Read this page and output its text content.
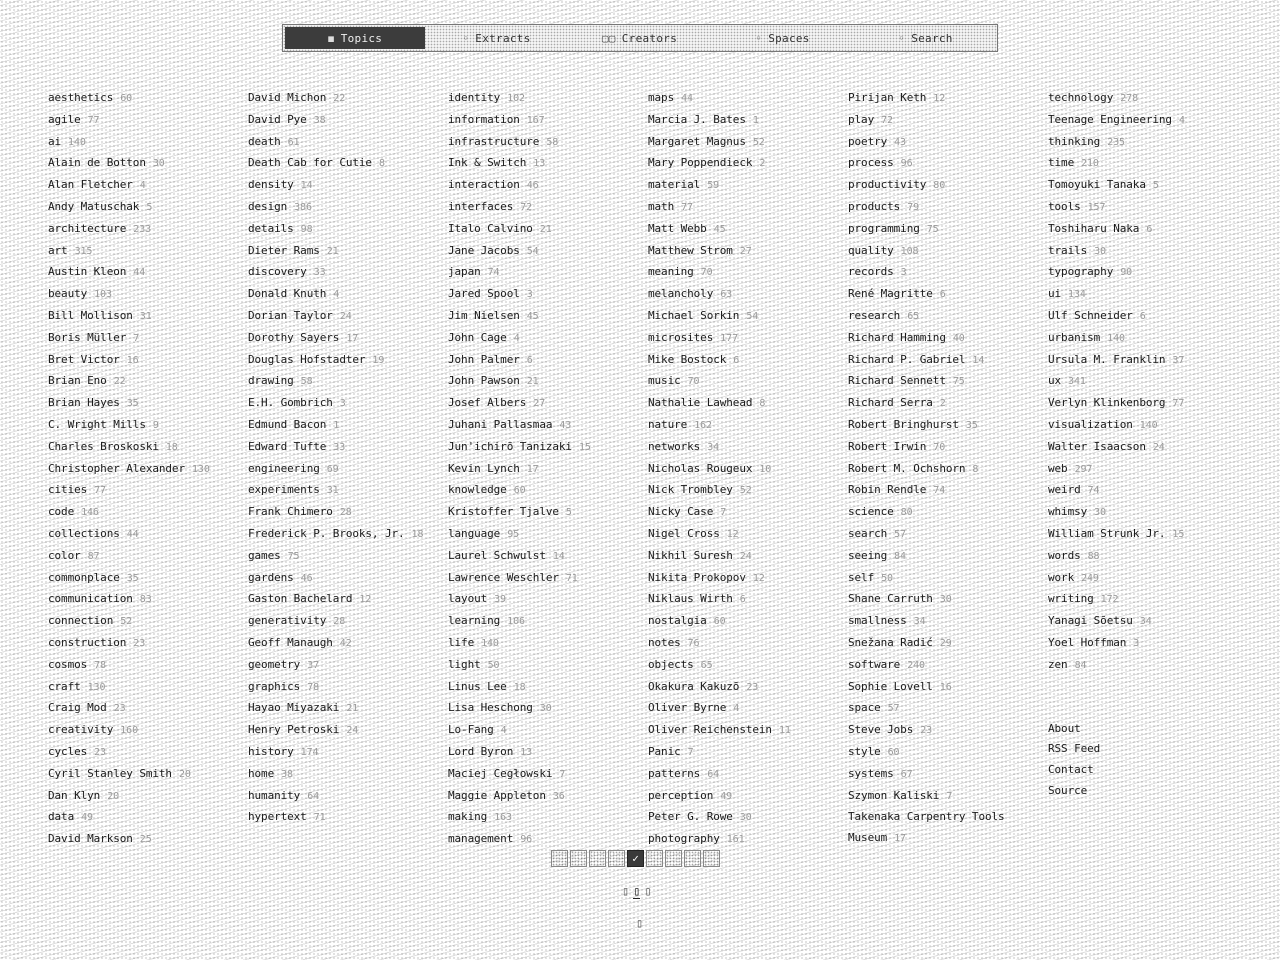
◼ Topics	◦ Extracts	▢▢ Creators	◦ Spaces	◦ Search
aesthetics 60
agile 77
ai 140
Alain de Botton 30
Alan Fletcher 4
Andy Matuschak 5
architecture 233
art 315
Austin Kleon 44
beauty 103
Bill Mollison 31
Boris Müller 7
Bret Victor 16
Brian Eno 22
Brian Hayes 35
C. Wright Mills 9
Charles Broskoski 18
Christopher Alexander 130
cities 77
code 146
collections 44
color 87
commonplace 35
communication 83
connection 52
construction 23
cosmos 78
craft 130
Craig Mod 23
creativity 160
cycles 23
Cyril Stanley Smith 20
Dan Klyn 20
data 49
David Markson 25
David Michon 22
David Pye 38
death 61
Death Cab for Cutie 8
density 14
design 386
details 98
Dieter Rams 21
discovery 33
Donald Knuth 4
Dorian Taylor 24
Dorothy Sayers 17
Douglas Hofstadter 19
drawing 58
E.H. Gombrich 3
Edmund Bacon 1
Edward Tufte 33
engineering 69
experiments 31
Frank Chimero 28
Frederick P. Brooks, Jr. 18
games 75
gardens 46
Gaston Bachelard 12
generativity 28
Geoff Manaugh 42
geometry 37
graphics 78
Hayao Miyazaki 21
Henry Petroski 24
history 174
home 38
humanity 64
hypertext 71
identity 102
information 167
infrastructure 58
Ink & Switch 13
interaction 46
interfaces 72
Italo Calvino 21
Jane Jacobs 54
japan 74
Jared Spool 3
Jim Nielsen 45
John Cage 4
John Palmer 6
John Pawson 21
Josef Albers 27
Juhani Pallasmaa 43
Jun'ichirō Tanizaki 15
Kevin Lynch 17
knowledge 60
Kristoffer Tjalve 5
language 95
Laurel Schwulst 14
Lawrence Weschler 71
layout 39
learning 106
life 140
light 50
Linus Lee 18
Lisa Heschong 30
Lo-Fang 4
Lord Byron 13
Maciej Cegłowski 7
Maggie Appleton 36
making 163
management 96
maps 44
Marcia J. Bates 1
Margaret Magnus 52
Mary Poppendieck 2
material 59
math 77
Matt Webb 45
Matthew Strom 27
meaning 70
melancholy 63
Michael Sorkin 54
microsites 177
Mike Bostock 6
music 70
Nathalie Lawhead 8
nature 162
networks 34
Nicholas Rougeux 10
Nick Trombley 52
Nicky Case 7
Nigel Cross 12
Nikhil Suresh 24
Nikita Prokopov 12
Niklaus Wirth 6
nostalgia 60
notes 76
objects 65
Okakura Kakuzō 23
Oliver Byrne 4
Oliver Reichenstein 11
Panic 7
patterns 64
perception 49
Peter G. Rowe 30
photography 161
Pirijan Keth 12
play 72
poetry 43
process 96
productivity 80
products 79
programming 75
quality 108
records 3
René Magritte 6
research 65
Richard Hamming 40
Richard P. Gabriel 14
Richard Sennett 75
Richard Serra 2
Robert Bringhurst 35
Robert Irwin 70
Robert M. Ochshorn 8
Robin Rendle 74
science 80
search 57
seeing 84
self 50
Shane Carruth 30
smallness 34
Snežana Radić 29
software 240
Sophie Lovell 16
space 57
Steve Jobs 23
style 60
systems 67
Szymon Kaliski 7
Takenaka Carpentry Tools Museum 17
technology 278
Teenage Engineering 4
thinking 235
time 210
Tomoyuki Tanaka 5
tools 157
Toshiharu Naka 6
trails 30
typography 90
ui 134
Ulf Schneider 6
urbanism 140
Ursula M. Franklin 37
ux 341
Verlyn Klinkenborg 77
visualization 140
Walter Isaacson 24
web 297
weird 74
whimsy 30
William Strunk Jr. 15
words 88
work 249
writing 172
Yanagi Sōetsu 34
Yoel Hoffman 3
zen 84
About
RSS Feed
Contact
Source
✓
▯ ▯ ▯
▯
